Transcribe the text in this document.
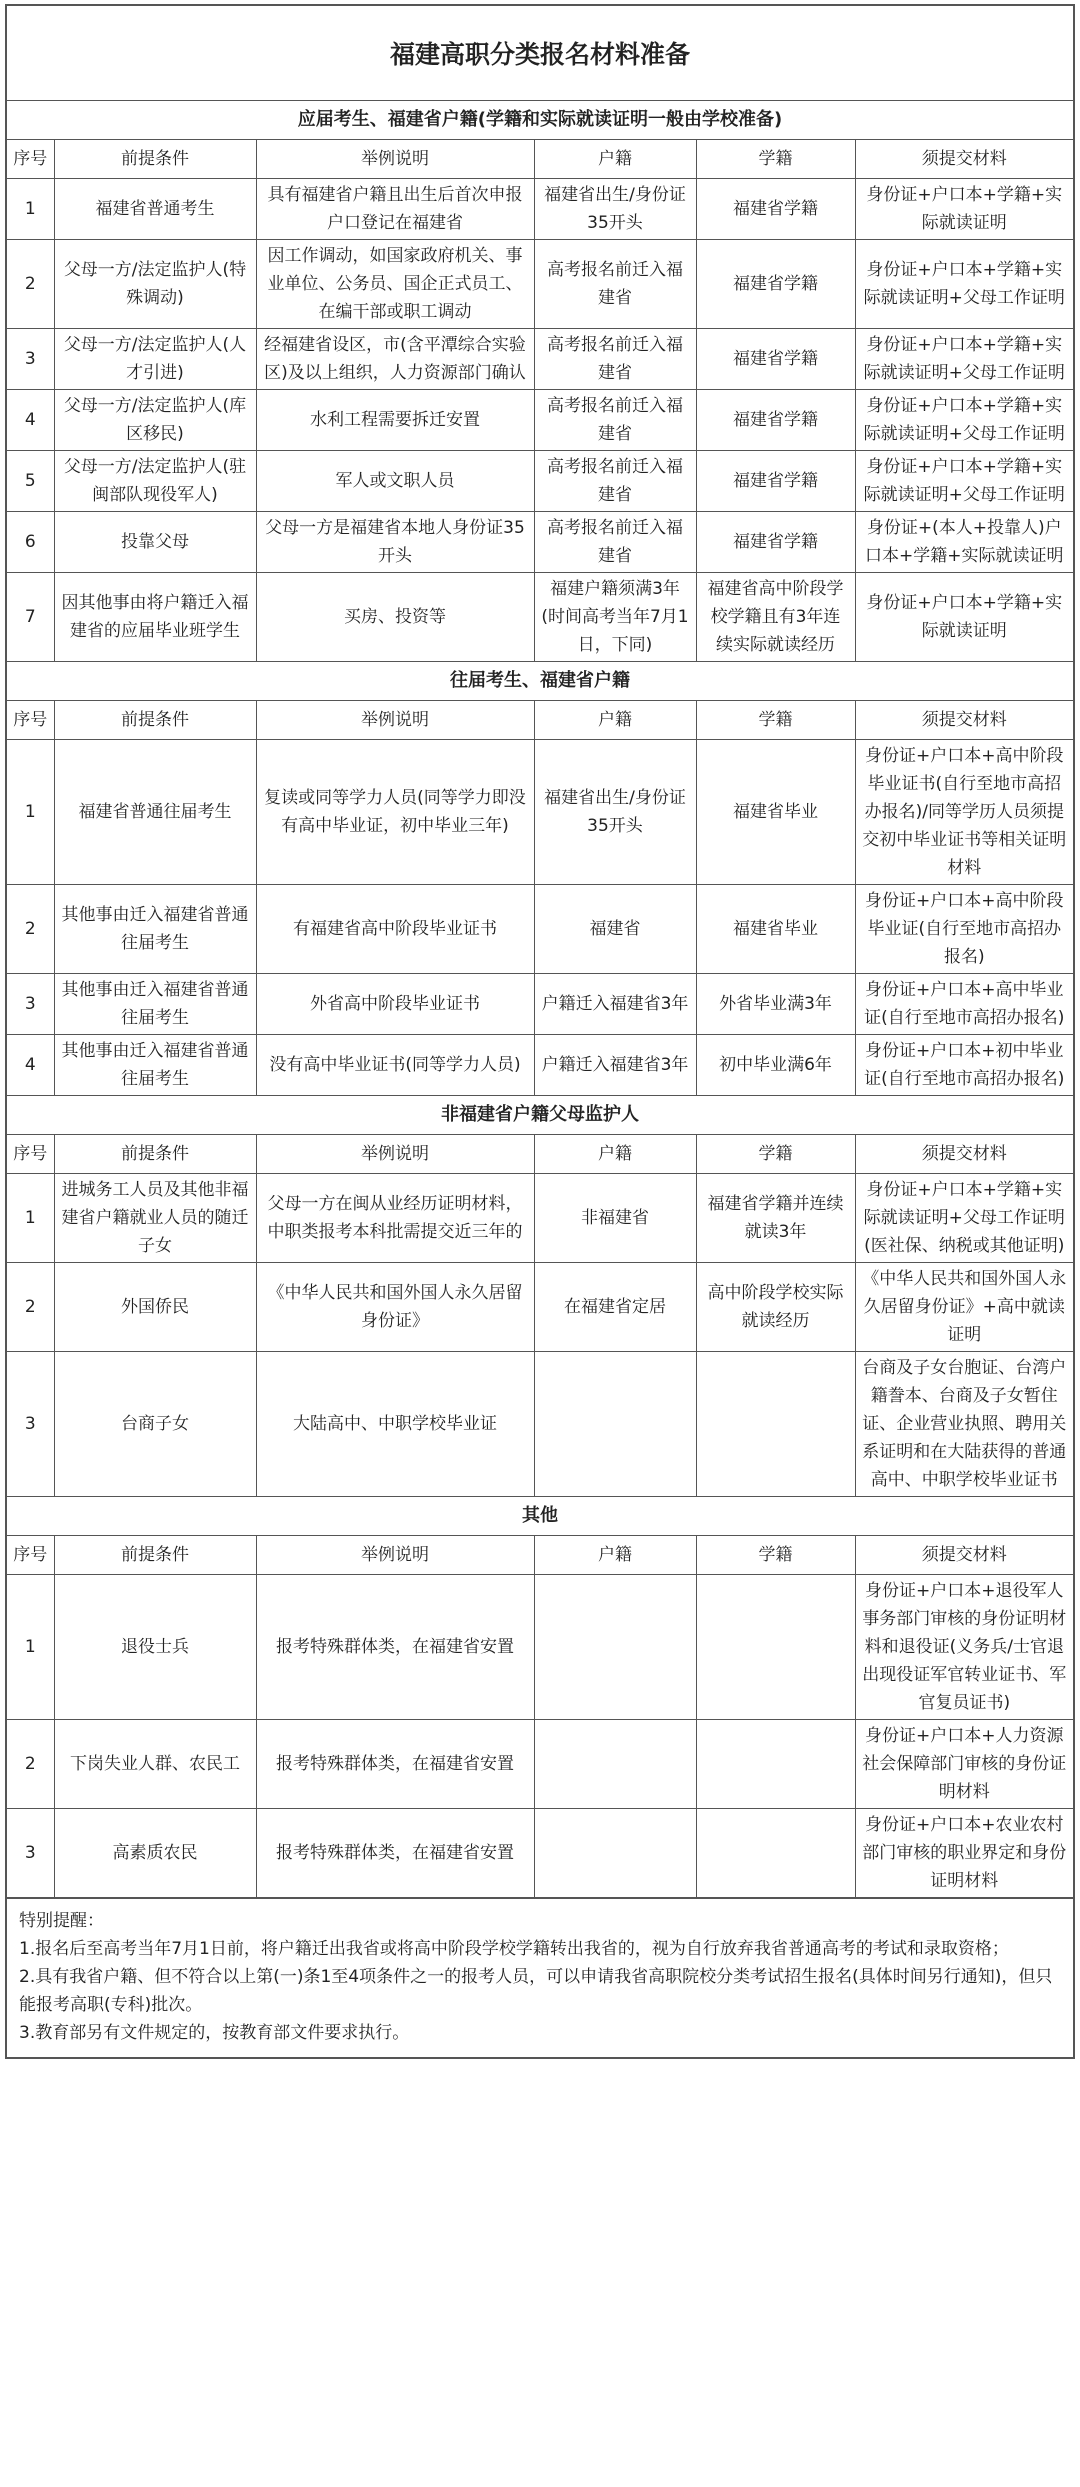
福建高职分类报名材料准备
应届考生、福建省户籍(学籍和实际就读证明一般由学校准备)					
序号	前提条件	举例说明	户籍	学籍	须提交材料
1	福建省普通考生	具有福建省户籍且出生后首次申报户口登记在福建省	福建省出生/身份证35开头	福建省学籍	身份证+户口本+学籍+实际就读证明
2	父母一方/法定监护人(特殊调动)	因工作调动，如国家政府机关、事业单位、公务员、国企正式员工、在编干部或职工调动	高考报名前迁入福建省	福建省学籍	身份证+户口本+学籍+实际就读证明+父母工作证明
3	父母一方/法定监护人(人才引进)	经福建省设区，市(含平潭综合实验区)及以上组织，人力资源部门确认	高考报名前迁入福建省	福建省学籍	身份证+户口本+学籍+实际就读证明+父母工作证明
4	父母一方/法定监护人(库区移民)	水利工程需要拆迁安置	高考报名前迁入福建省	福建省学籍	身份证+户口本+学籍+实际就读证明+父母工作证明
5	父母一方/法定监护人(驻闽部队现役军人)	军人或文职人员	高考报名前迁入福建省	福建省学籍	身份证+户口本+学籍+实际就读证明+父母工作证明
6	投靠父母	父母一方是福建省本地人身份证35开头	高考报名前迁入福建省	福建省学籍	身份证+(本人+投靠人)户口本+学籍+实际就读证明
7	因其他事由将户籍迁入福建省的应届毕业班学生	买房、投资等	福建户籍须满3年(时间高考当年7月1日，下同)	福建省高中阶段学校学籍且有3年连续实际就读经历	身份证+户口本+学籍+实际就读证明
往届考生、福建省户籍					
序号	前提条件	举例说明	户籍	学籍	须提交材料
1	福建省普通往届考生	复读或同等学力人员(同等学力即没有高中毕业证，初中毕业三年)	福建省出生/身份证35开头	福建省毕业	身份证+户口本+高中阶段毕业证书(自行至地市高招办报名)/同等学历人员须提交初中毕业证书等相关证明材料
2	其他事由迁入福建省普通往届考生	有福建省高中阶段毕业证书	福建省	福建省毕业	身份证+户口本+高中阶段毕业证(自行至地市高招办报名)
3	其他事由迁入福建省普通往届考生	外省高中阶段毕业证书	户籍迁入福建省3年	外省毕业满3年	身份证+户口本+高中毕业证(自行至地市高招办报名)
4	其他事由迁入福建省普通往届考生	没有高中毕业证书(同等学力人员)	户籍迁入福建省3年	初中毕业满6年	身份证+户口本+初中毕业证(自行至地市高招办报名)
非福建省户籍父母监护人					
序号	前提条件	举例说明	户籍	学籍	须提交材料
1	进城务工人员及其他非福建省户籍就业人员的随迁子女	父母一方在闽从业经历证明材料，中职类报考本科批需提交近三年的	非福建省	福建省学籍并连续就读3年	身份证+户口本+学籍+实际就读证明+父母工作证明(医社保、纳税或其他证明)
2	外国侨民	《中华人民共和国外国人永久居留身份证》	在福建省定居	高中阶段学校实际就读经历	《中华人民共和国外国人永久居留身份证》+高中就读证明
3	台商子女	大陆高中、中职学校毕业证			台商及子女台胞证、台湾户籍誊本、台商及子女暂住证、企业营业执照、聘用关系证明和在大陆获得的普通高中、中职学校毕业证书
其他					
序号	前提条件	举例说明	户籍	学籍	须提交材料
1	退役士兵	报考特殊群体类，在福建省安置			身份证+户口本+退役军人事务部门审核的身份证明材料和退役证(义务兵/士官退出现役证军官转业证书、军官复员证书)
2	下岗失业人群、农民工	报考特殊群体类，在福建省安置			身份证+户口本+人力资源社会保障部门审核的身份证明材料
3	高素质农民	报考特殊群体类，在福建省安置			身份证+户口本+农业农村部门审核的职业界定和身份证明材料
特别提醒：
1.报名后至高考当年7月1日前，将户籍迁出我省或将高中阶段学校学籍转出我省的，视为自行放弃我省普通高考的考试和录取资格；
2.具有我省户籍、但不符合以上第(一)条1至4项条件之一的报考人员，可以申请我省高职院校分类考试招生报名(具体时间另行通知)，但只能报考高职(专科)批次。
3.教育部另有文件规定的，按教育部文件要求执行。
